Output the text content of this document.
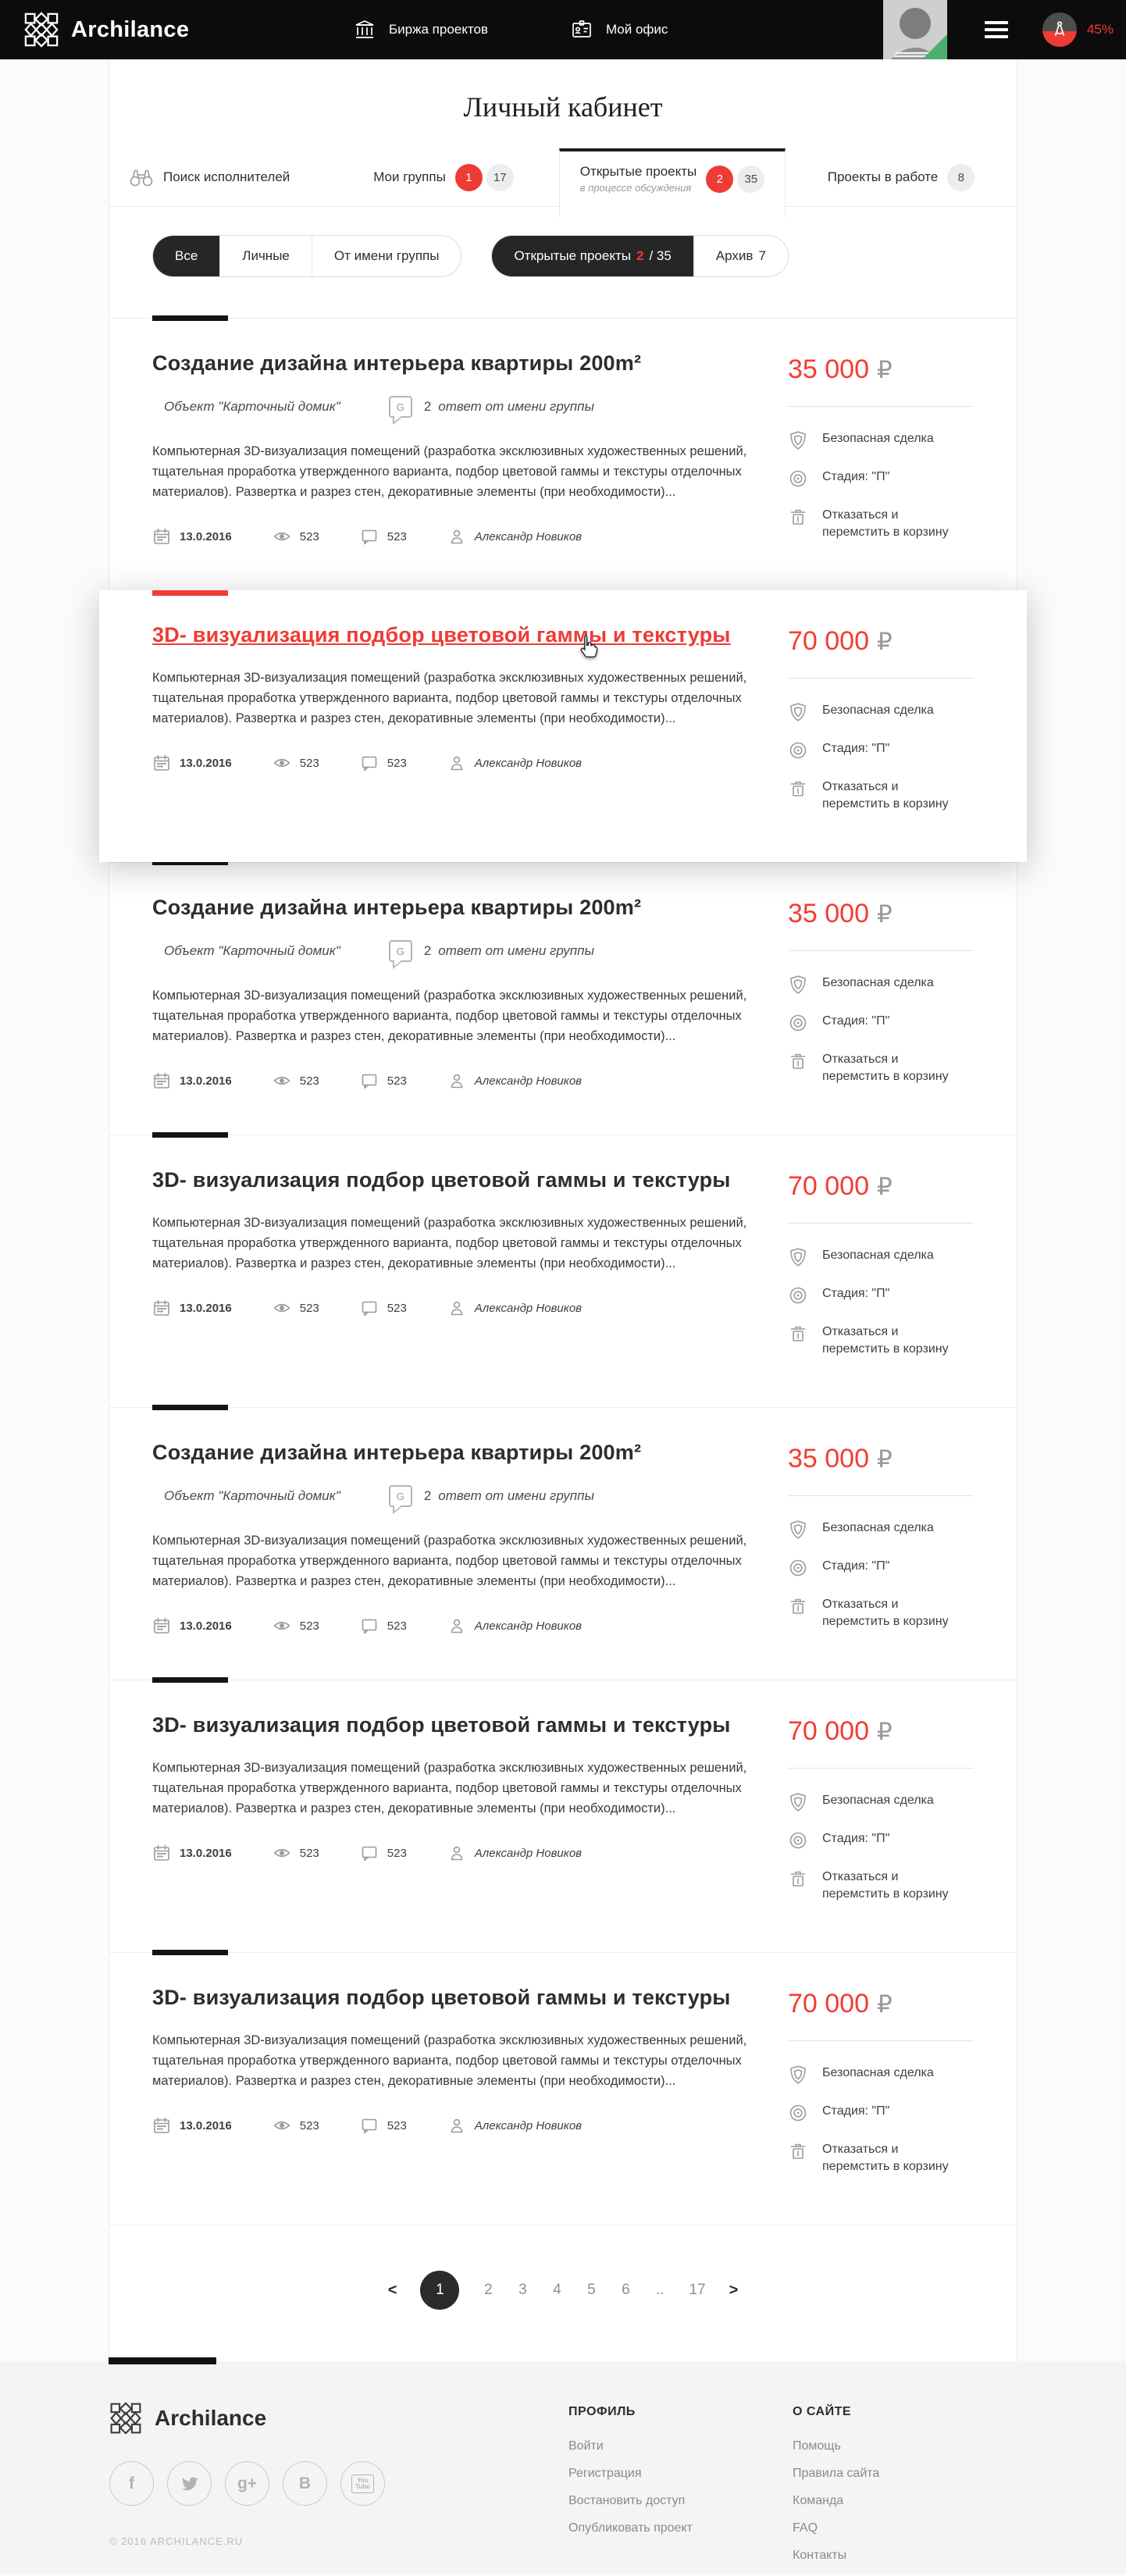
Archilance	Биржа проектов	Мой офис	45%
Личный кабинет
Поиск исполнителей	Мои группы	1	17	Открытые проекты
в процессе обсуждения
2	35	Проекты в работе	8
Все	Личные	От имени группы	Открытые проекты 2 / 35	Архив 7
Создание дизайна интерьера квартиры 200m²
Объект "Карточный домик"	G	2 ответ от имени группы

Компьютерная 3D-визуализация помещений (разработка эксклюзивных художественных решений, тщательная проработка утвержденного варианта, подбор цветовой гаммы и текстуры отделочных материалов). Развертка и разрез стен, декоративные элементы (при необходимости)...

13.0.2016	523	523	Александр Новиков
35 000 ₽
Безопасная сделка
Стадия: "П"
Отказаться и перемстить в корзину
3D- визуализация подбор цветовой гаммы и текстуры

Компьютерная 3D-визуализация помещений (разработка эксклюзивных художественных решений, тщательная проработка утвержденного варианта, подбор цветовой гаммы и текстуры отделочных материалов). Развертка и разрез стен, декоративные элементы (при необходимости)...

13.0.2016	523	523	Александр Новиков
70 000 ₽
Безопасная сделка
Стадия: "П"
Отказаться и перемстить в корзину
Создание дизайна интерьера квартиры 200m²
Объект "Карточный домик"	G	2 ответ от имени группы

Компьютерная 3D-визуализация помещений (разработка эксклюзивных художественных решений, тщательная проработка утвержденного варианта, подбор цветовой гаммы и текстуры отделочных материалов). Развертка и разрез стен, декоративные элементы (при необходимости)...

13.0.2016	523	523	Александр Новиков
35 000 ₽
Безопасная сделка
Стадия: "П"
Отказаться и перемстить в корзину
3D- визуализация подбор цветовой гаммы и текстуры

Компьютерная 3D-визуализация помещений (разработка эксклюзивных художественных решений, тщательная проработка утвержденного варианта, подбор цветовой гаммы и текстуры отделочных материалов). Развертка и разрез стен, декоративные элементы (при необходимости)...

13.0.2016	523	523	Александр Новиков
70 000 ₽
Безопасная сделка
Стадия: "П"
Отказаться и перемстить в корзину
Создание дизайна интерьера квартиры 200m²
Объект "Карточный домик"	G	2 ответ от имени группы

Компьютерная 3D-визуализация помещений (разработка эксклюзивных художественных решений, тщательная проработка утвержденного варианта, подбор цветовой гаммы и текстуры отделочных материалов). Развертка и разрез стен, декоративные элементы (при необходимости)...

13.0.2016	523	523	Александр Новиков
35 000 ₽
Безопасная сделка
Стадия: "П"
Отказаться и перемстить в корзину
3D- визуализация подбор цветовой гаммы и текстуры

Компьютерная 3D-визуализация помещений (разработка эксклюзивных художественных решений, тщательная проработка утвержденного варианта, подбор цветовой гаммы и текстуры отделочных материалов). Развертка и разрез стен, декоративные элементы (при необходимости)...

13.0.2016	523	523	Александр Новиков
70 000 ₽
Безопасная сделка
Стадия: "П"
Отказаться и перемстить в корзину
3D- визуализация подбор цветовой гаммы и текстуры

Компьютерная 3D-визуализация помещений (разработка эксклюзивных художественных решений, тщательная проработка утвержденного варианта, подбор цветовой гаммы и текстуры отделочных материалов). Развертка и разрез стен, декоративные элементы (при необходимости)...

13.0.2016	523	523	Александр Новиков
70 000 ₽
Безопасная сделка
Стадия: "П"
Отказаться и перемстить в корзину
<	1	2 3 4 5 6 .. 17 >
Archilance
f	g+	B	You
Tube
© 2016 ARCHILANCE.RU
ПРОФИЛЬ
Войти
Регистрация
Востановить доступ
Опубликовать проект
О САЙТЕ
Помощь
Правила сайта
Команда
FAQ
Контакты
